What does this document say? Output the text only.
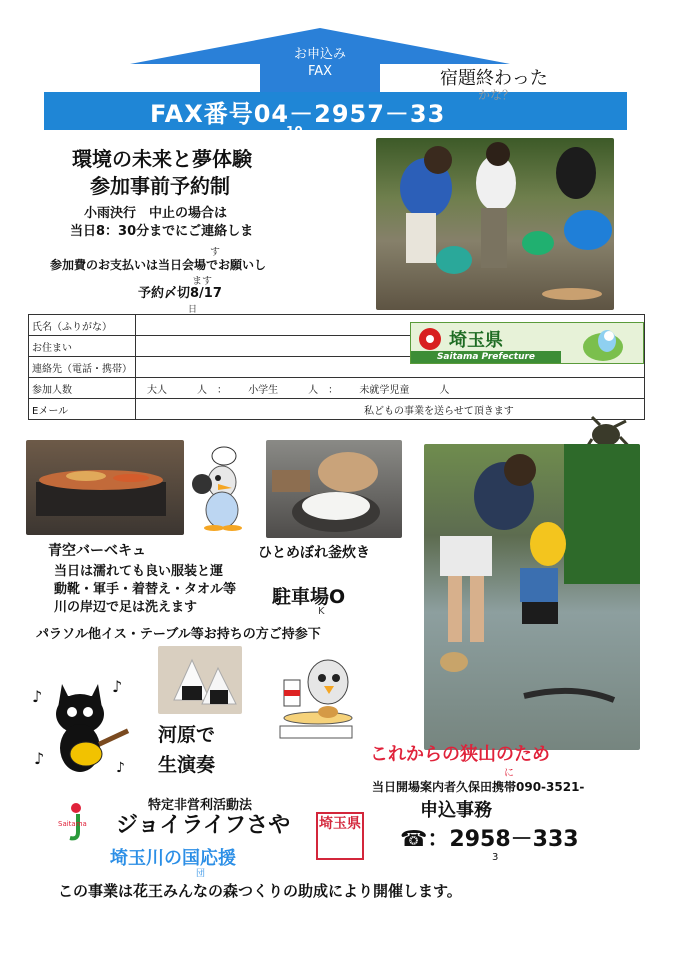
お申込み
FAX
FAX番号04－2957－33
10
宿題終わった
かな？
環境の未来と夢体験
参加事前予約制
小雨決行　中止の場合は
当日8：30分までにご連絡しま
す
参加費のお支払いは当日会場でお願いし
ます
予約〆切8/17
日
氏名（ふりがな）	
お住まい	
連絡先（電話・携帯）	
参加人数	大人　　　人　： 小学生　　　人　： 未就学児童　　　人
Eメール	私どもの事業を送らせて頂きます
埼玉県
Saitama Prefecture
青空バーベキュ	ひとめぼれ釜炊き
当日は濡れても良い服装と運
動靴・軍手・着替え・タオル等
川の岸辺で足は洗えます	駐車場O
K
パラソル他イス・テーブル等お持ちの方ご持参下
♪
♪
♪	♪
河原で
生演奏	これからの狭山のため
に
当日開場案内者久保田携帯090-3521-
Saitama
特定非営利活動法
ジョイライフさや
申込事務
☎：2958－333
3
埼玉県
埼玉川の国応援
団
この事業は花王みんなの森つくりの助成により開催します。
